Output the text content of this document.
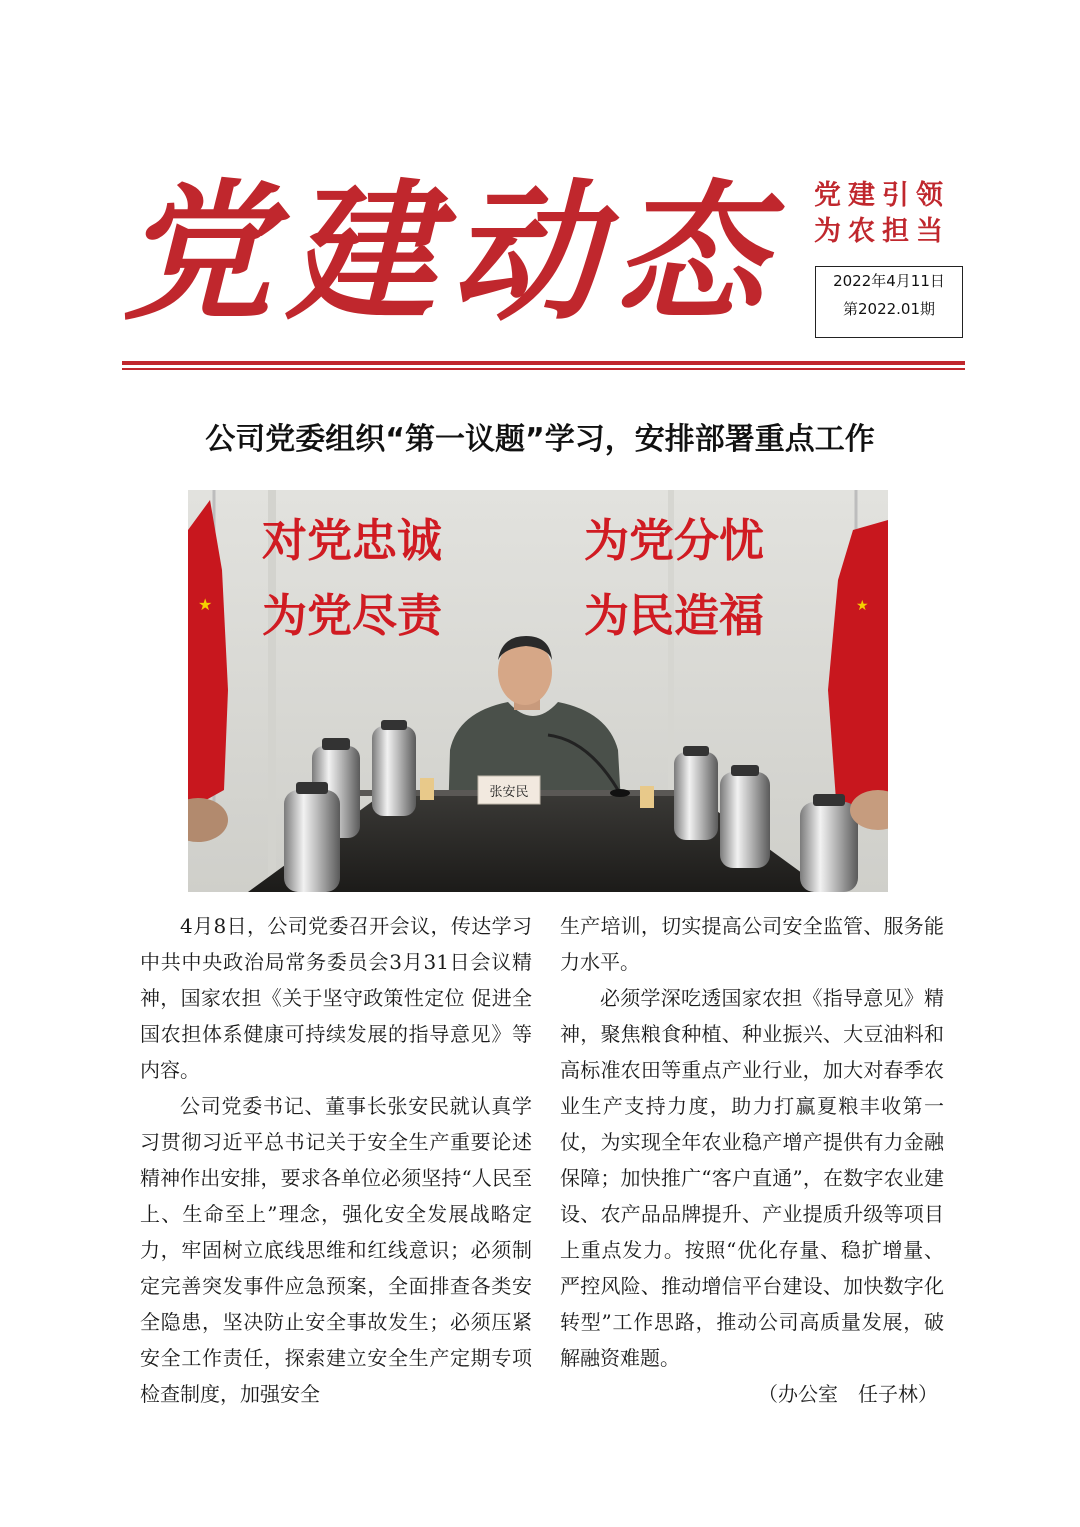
党建动态	党建引领
为农担当
2022年4月11日
第2022.01期
公司党委组织“第一议题”学习，安排部署重点工作
★	★
对党忠诚	为党分忧
为党尽责	为民造福
张安民

4月8日，公司党委召开会议，传达学习中共中央政治局常务委员会3月31日会议精神，国家农担《关于坚守政策性定位 促进全国农担体系健康可持续发展的指导意见》等内容。

公司党委书记、董事长张安民就认真学习贯彻习近平总书记关于安全生产重要论述精神作出安排，要求各单位必须坚持“人民至上、生命至上”理念，强化安全发展战略定力，牢固树立底线思维和红线意识；必须制定完善突发事件应急预案，全面排查各类安全隐患，坚决防止安全事故发生；必须压紧安全工作责任，探索建立安全生产定期专项检查制度，加强安全

生产培训，切实提高公司安全监管、服务能力水平。

必须学深吃透国家农担《指导意见》精神，聚焦粮食种植、种业振兴、大豆油料和高标准农田等重点产业行业，加大对春季农业生产支持力度，助力打赢夏粮丰收第一仗，为实现全年农业稳产增产提供有力金融保障；加快推广“客户直通”，在数字农业建设、农产品品牌提升、产业提质升级等项目上重点发力。按照“优化存量、稳扩增量、严控风险、推动增信平台建设、加快数字化转型”工作思路，推动公司高质量发展，破解融资难题。

（办公室　任子林）
